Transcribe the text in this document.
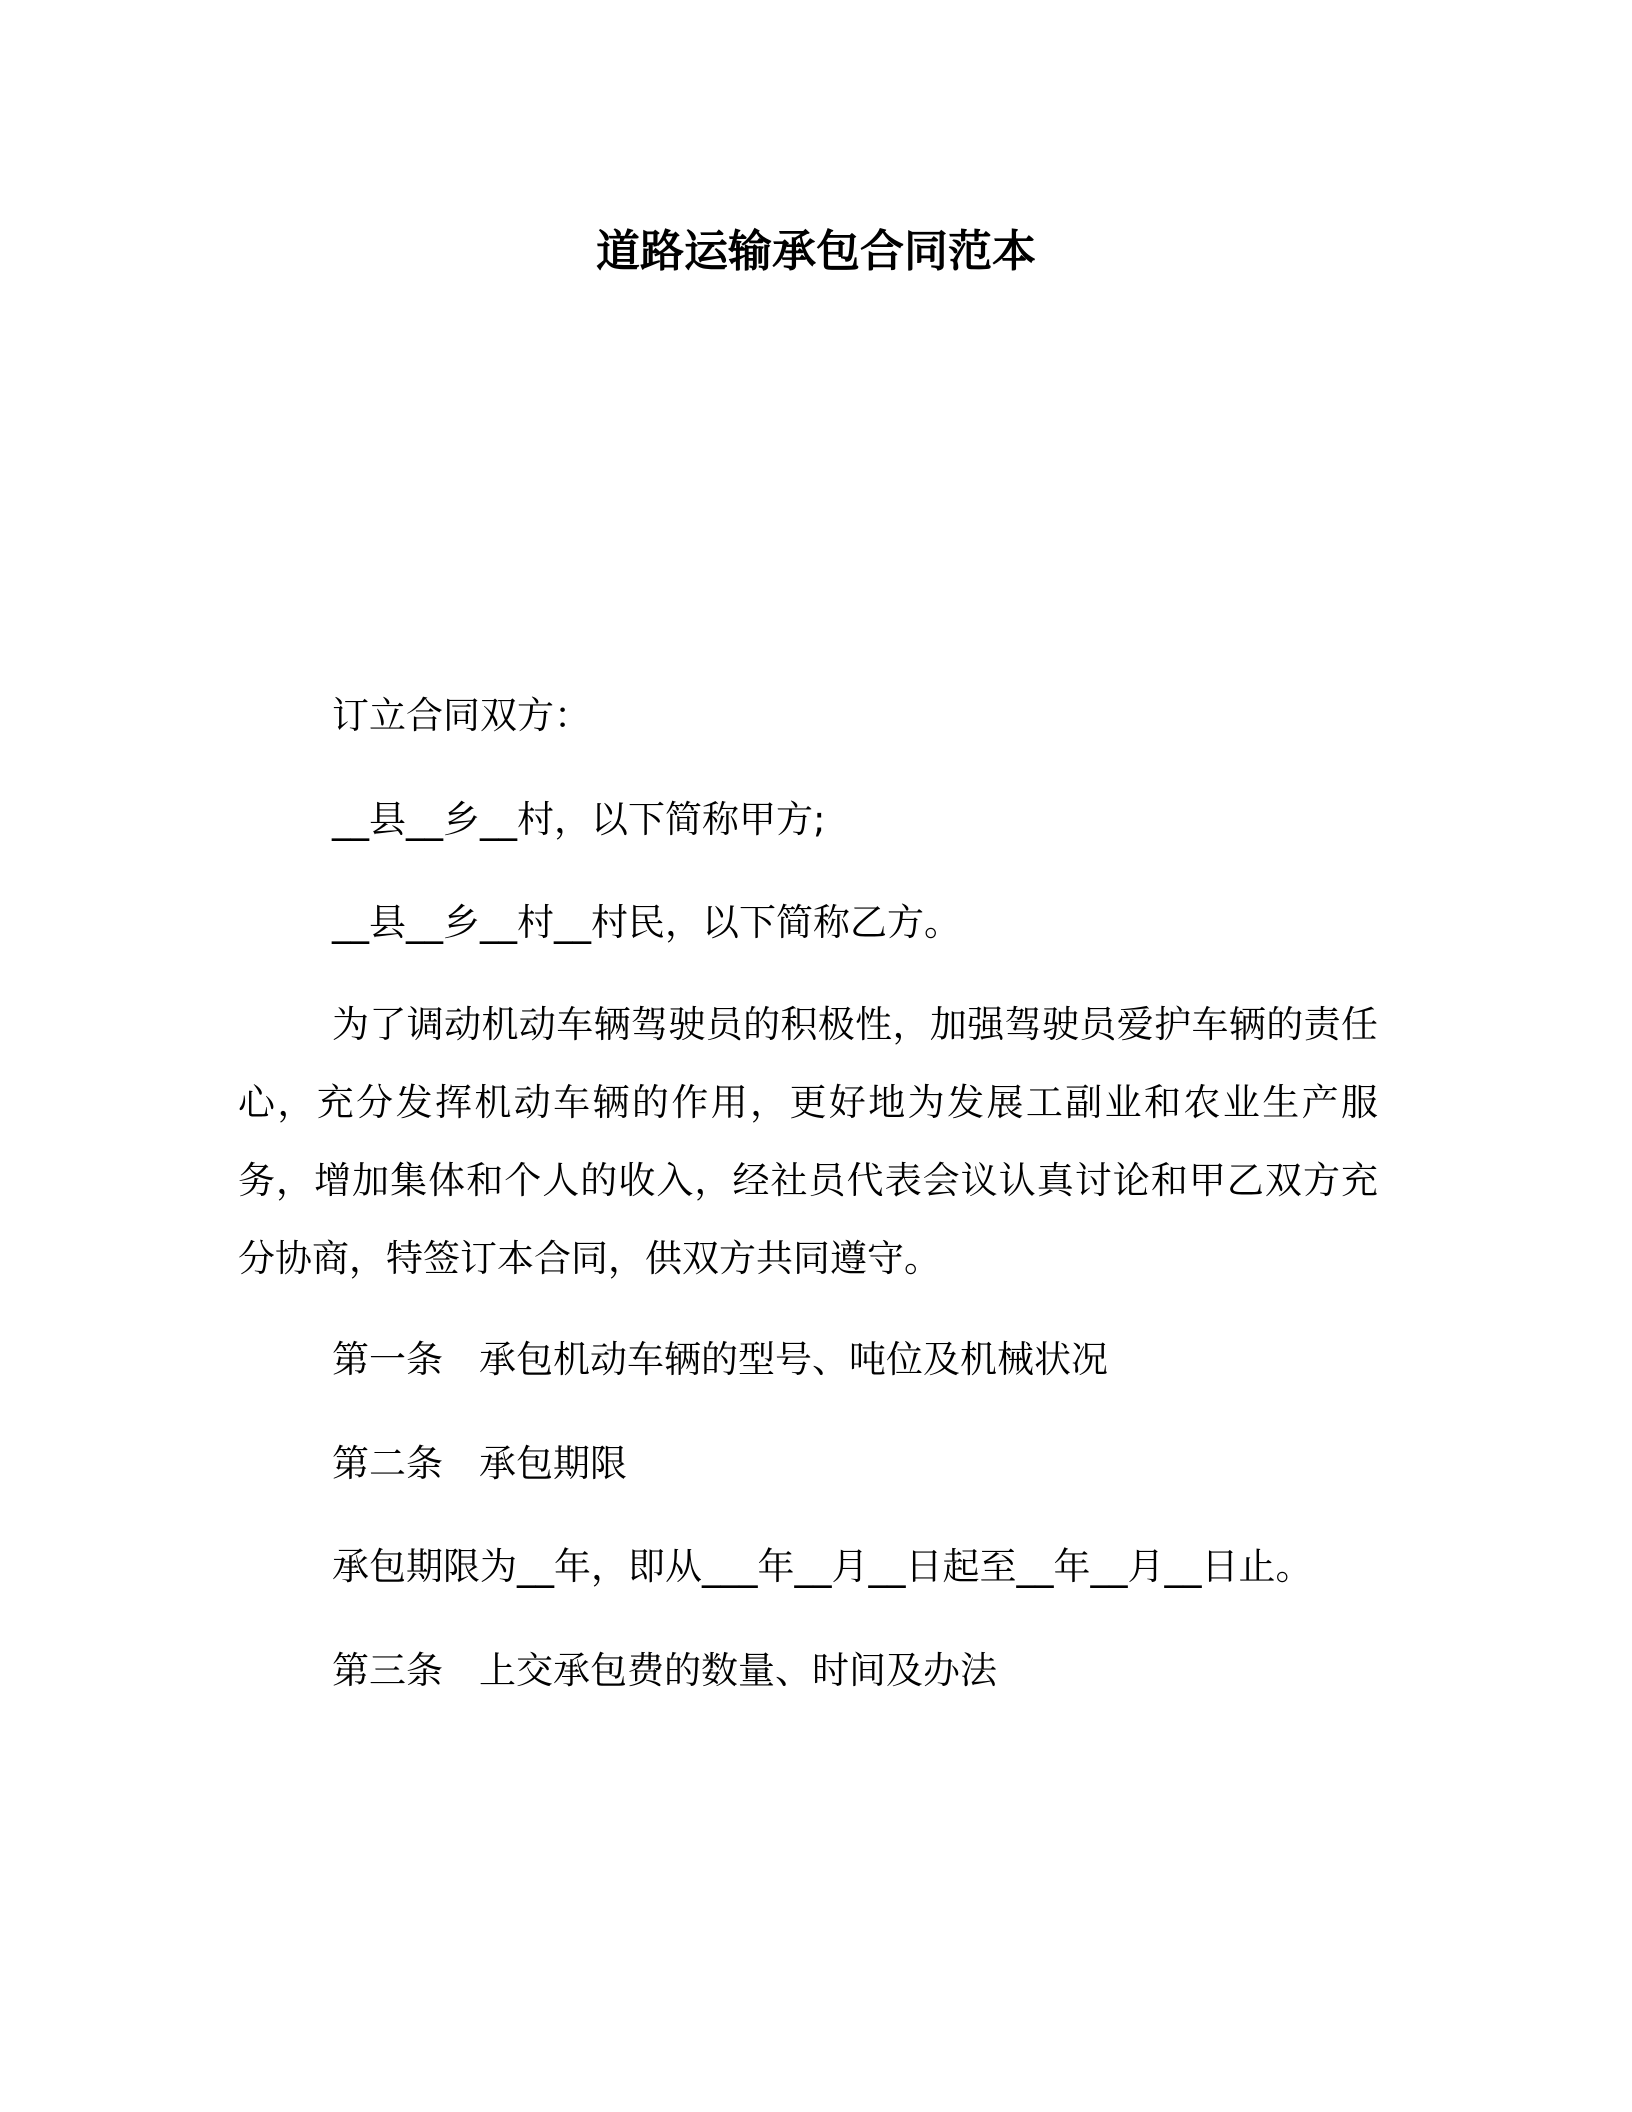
道路运输承包合同范本
订立合同双方：
__县__乡__村，以下简称甲方;
__县__乡__村__村民，以下简称乙方。
为了调动机动车辆驾驶员的积极性，加强驾驶员爱护车辆的责任心，充分发挥机动车辆的作用，更好地为发展工副业和农业生产服务，增加集体和个人的收入，经社员代表会议认真讨论和甲乙双方充分协商，特签订本合同，供双方共同遵守。
第一条 承包机动车辆的型号、吨位及机械状况
第二条 承包期限
承包期限为__年，即从___年__月__日起至__年__月__日止。
第三条 上交承包费的数量、时间及办法
